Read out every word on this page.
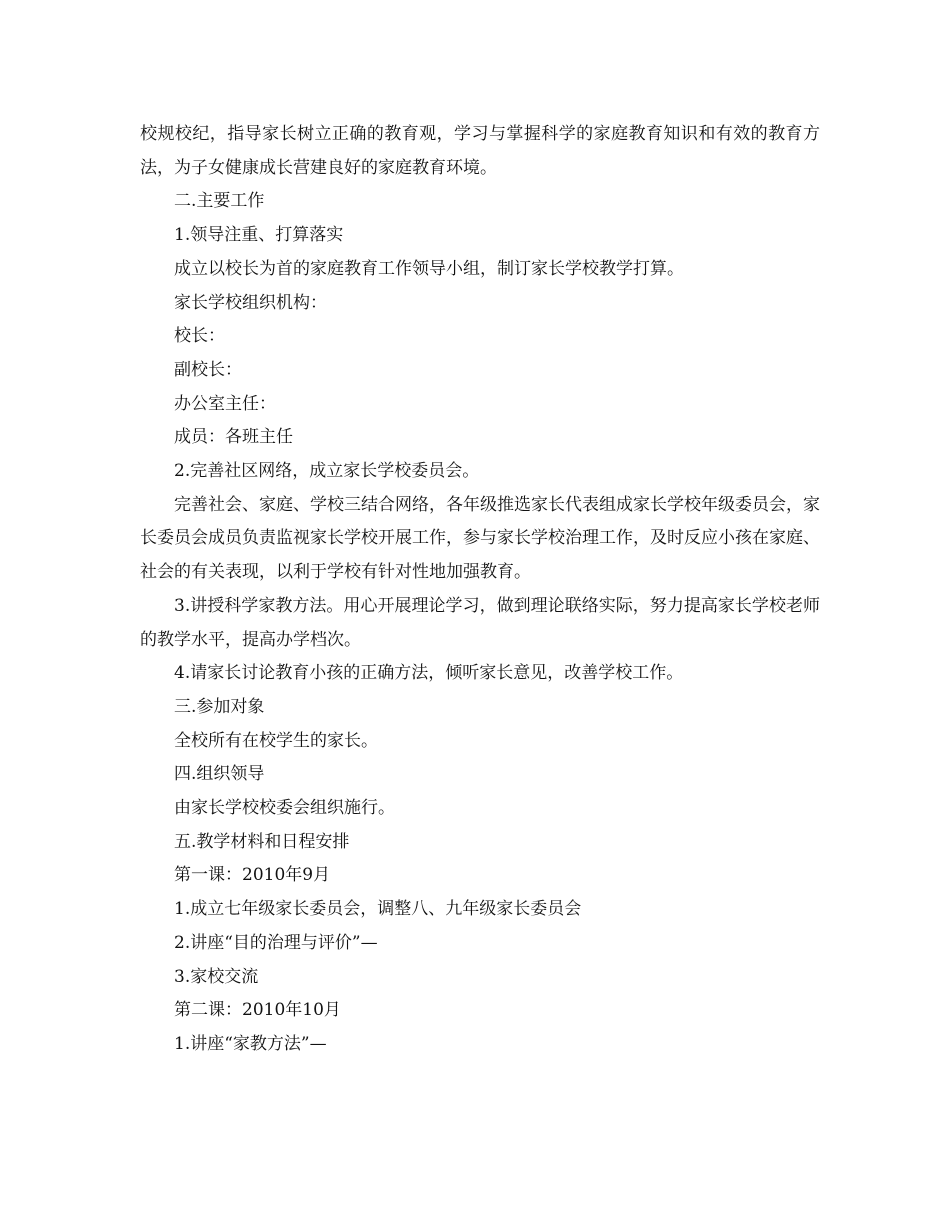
校规校纪，指导家长树立正确的教育观，学习与掌握科学的家庭教育知识和有效的教育方法，为子女健康成长营建良好的家庭教育环境。

二.主要工作

1.领导注重、打算落实

成立以校长为首的家庭教育工作领导小组，制订家长学校教学打算。

家长学校组织机构：

校长：

副校长：

办公室主任：

成员：各班主任

2.完善社区网络，成立家长学校委员会。

完善社会、家庭、学校三结合网络，各年级推选家长代表组成家长学校年级委员会，家长委员会成员负责监视家长学校开展工作，参与家长学校治理工作，及时反应小孩在家庭、社会的有关表现，以利于学校有针对性地加强教育。

3.讲授科学家教方法。用心开展理论学习，做到理论联络实际，努力提高家长学校老师的教学水平，提高办学档次。

4.请家长讨论教育小孩的正确方法，倾听家长意见，改善学校工作。

三.参加对象

全校所有在校学生的家长。

四.组织领导

由家长学校校委会组织施行。

五.教学材料和日程安排

第一课：2010年9月

1.成立七年级家长委员会，调整八、九年级家长委员会

2.讲座“目的治理与评价”—

3.家校交流

第二课：2010年10月

1.讲座“家教方法”—
